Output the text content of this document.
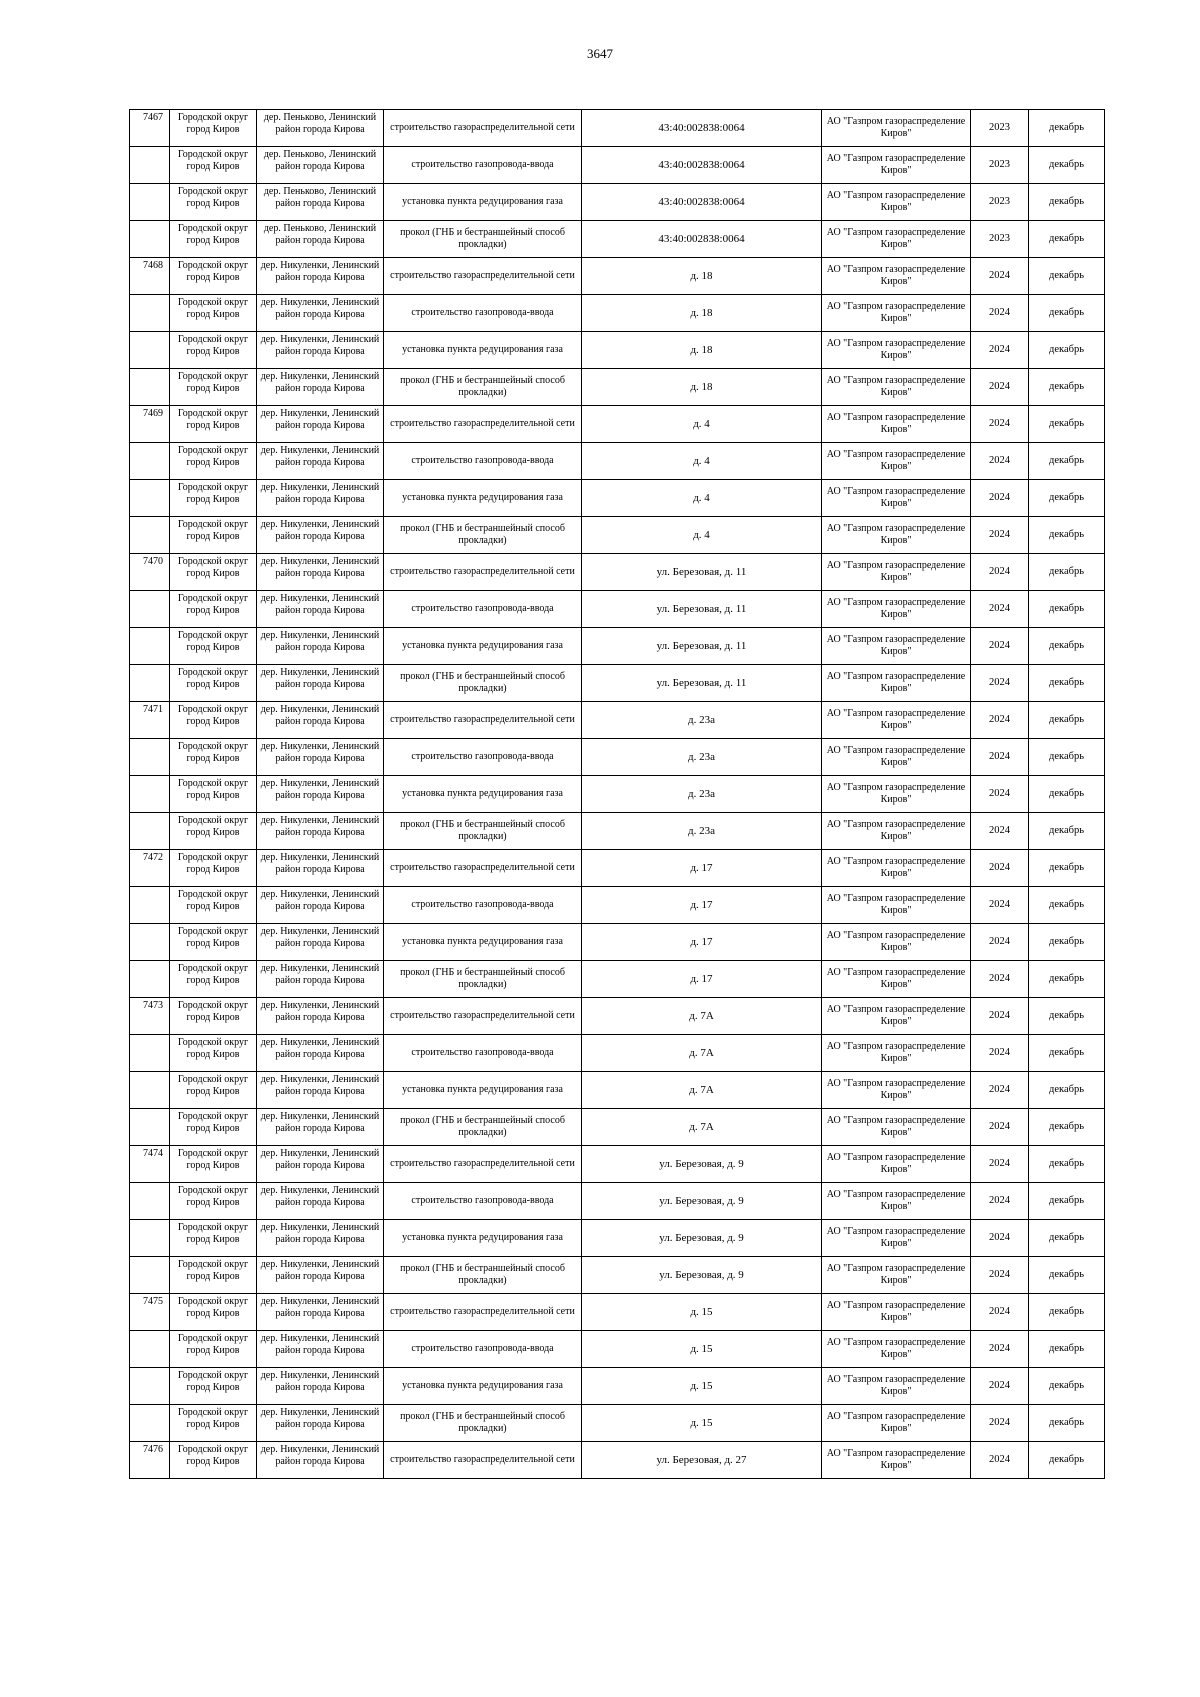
3647
7467	Городской округ город Киров	дер. Пеньково, Ленинский район города Кирова	строительство газораспределительной сети	43:40:002838:0064	АО "Газпром газораспределение Киров"	2023	декабрь
	Городской округ город Киров	дер. Пеньково, Ленинский район города Кирова	строительство газопровода-ввода	43:40:002838:0064	АО "Газпром газораспределение Киров"	2023	декабрь
	Городской округ город Киров	дер. Пеньково, Ленинский район города Кирова	установка пункта редуцирования газа	43:40:002838:0064	АО "Газпром газораспределение Киров"	2023	декабрь
	Городской округ город Киров	дер. Пеньково, Ленинский район города Кирова	прокол (ГНБ и бестраншейный способ прокладки)	43:40:002838:0064	АО "Газпром газораспределение Киров"	2023	декабрь
7468	Городской округ город Киров	дер. Никуленки, Ленинский район города Кирова	строительство газораспределительной сети	д. 18	АО "Газпром газораспределение Киров"	2024	декабрь
	Городской округ город Киров	дер. Никуленки, Ленинский район города Кирова	строительство газопровода-ввода	д. 18	АО "Газпром газораспределение Киров"	2024	декабрь
	Городской округ город Киров	дер. Никуленки, Ленинский район города Кирова	установка пункта редуцирования газа	д. 18	АО "Газпром газораспределение Киров"	2024	декабрь
	Городской округ город Киров	дер. Никуленки, Ленинский район города Кирова	прокол (ГНБ и бестраншейный способ прокладки)	д. 18	АО "Газпром газораспределение Киров"	2024	декабрь
7469	Городской округ город Киров	дер. Никуленки, Ленинский район города Кирова	строительство газораспределительной сети	д. 4	АО "Газпром газораспределение Киров"	2024	декабрь
	Городской округ город Киров	дер. Никуленки, Ленинский район города Кирова	строительство газопровода-ввода	д. 4	АО "Газпром газораспределение Киров"	2024	декабрь
	Городской округ город Киров	дер. Никуленки, Ленинский район города Кирова	установка пункта редуцирования газа	д. 4	АО "Газпром газораспределение Киров"	2024	декабрь
	Городской округ город Киров	дер. Никуленки, Ленинский район города Кирова	прокол (ГНБ и бестраншейный способ прокладки)	д. 4	АО "Газпром газораспределение Киров"	2024	декабрь
7470	Городской округ город Киров	дер. Никуленки, Ленинский район города Кирова	строительство газораспределительной сети	ул. Березовая, д. 11	АО "Газпром газораспределение Киров"	2024	декабрь
	Городской округ город Киров	дер. Никуленки, Ленинский район города Кирова	строительство газопровода-ввода	ул. Березовая, д. 11	АО "Газпром газораспределение Киров"	2024	декабрь
	Городской округ город Киров	дер. Никуленки, Ленинский район города Кирова	установка пункта редуцирования газа	ул. Березовая, д. 11	АО "Газпром газораспределение Киров"	2024	декабрь
	Городской округ город Киров	дер. Никуленки, Ленинский район города Кирова	прокол (ГНБ и бестраншейный способ прокладки)	ул. Березовая, д. 11	АО "Газпром газораспределение Киров"	2024	декабрь
7471	Городской округ город Киров	дер. Никуленки, Ленинский район города Кирова	строительство газораспределительной сети	д. 23а	АО "Газпром газораспределение Киров"	2024	декабрь
	Городской округ город Киров	дер. Никуленки, Ленинский район города Кирова	строительство газопровода-ввода	д. 23а	АО "Газпром газораспределение Киров"	2024	декабрь
	Городской округ город Киров	дер. Никуленки, Ленинский район города Кирова	установка пункта редуцирования газа	д. 23а	АО "Газпром газораспределение Киров"	2024	декабрь
	Городской округ город Киров	дер. Никуленки, Ленинский район города Кирова	прокол (ГНБ и бестраншейный способ прокладки)	д. 23а	АО "Газпром газораспределение Киров"	2024	декабрь
7472	Городской округ город Киров	дер. Никуленки, Ленинский район города Кирова	строительство газораспределительной сети	д. 17	АО "Газпром газораспределение Киров"	2024	декабрь
	Городской округ город Киров	дер. Никуленки, Ленинский район города Кирова	строительство газопровода-ввода	д. 17	АО "Газпром газораспределение Киров"	2024	декабрь
	Городской округ город Киров	дер. Никуленки, Ленинский район города Кирова	установка пункта редуцирования газа	д. 17	АО "Газпром газораспределение Киров"	2024	декабрь
	Городской округ город Киров	дер. Никуленки, Ленинский район города Кирова	прокол (ГНБ и бестраншейный способ прокладки)	д. 17	АО "Газпром газораспределение Киров"	2024	декабрь
7473	Городской округ город Киров	дер. Никуленки, Ленинский район города Кирова	строительство газораспределительной сети	д. 7А	АО "Газпром газораспределение Киров"	2024	декабрь
	Городской округ город Киров	дер. Никуленки, Ленинский район города Кирова	строительство газопровода-ввода	д. 7А	АО "Газпром газораспределение Киров"	2024	декабрь
	Городской округ город Киров	дер. Никуленки, Ленинский район города Кирова	установка пункта редуцирования газа	д. 7А	АО "Газпром газораспределение Киров"	2024	декабрь
	Городской округ город Киров	дер. Никуленки, Ленинский район города Кирова	прокол (ГНБ и бестраншейный способ прокладки)	д. 7А	АО "Газпром газораспределение Киров"	2024	декабрь
7474	Городской округ город Киров	дер. Никуленки, Ленинский район города Кирова	строительство газораспределительной сети	ул. Березовая, д. 9	АО "Газпром газораспределение Киров"	2024	декабрь
	Городской округ город Киров	дер. Никуленки, Ленинский район города Кирова	строительство газопровода-ввода	ул. Березовая, д. 9	АО "Газпром газораспределение Киров"	2024	декабрь
	Городской округ город Киров	дер. Никуленки, Ленинский район города Кирова	установка пункта редуцирования газа	ул. Березовая, д. 9	АО "Газпром газораспределение Киров"	2024	декабрь
	Городской округ город Киров	дер. Никуленки, Ленинский район города Кирова	прокол (ГНБ и бестраншейный способ прокладки)	ул. Березовая, д. 9	АО "Газпром газораспределение Киров"	2024	декабрь
7475	Городской округ город Киров	дер. Никуленки, Ленинский район города Кирова	строительство газораспределительной сети	д. 15	АО "Газпром газораспределение Киров"	2024	декабрь
	Городской округ город Киров	дер. Никуленки, Ленинский район города Кирова	строительство газопровода-ввода	д. 15	АО "Газпром газораспределение Киров"	2024	декабрь
	Городской округ город Киров	дер. Никуленки, Ленинский район города Кирова	установка пункта редуцирования газа	д. 15	АО "Газпром газораспределение Киров"	2024	декабрь
	Городской округ город Киров	дер. Никуленки, Ленинский район города Кирова	прокол (ГНБ и бестраншейный способ прокладки)	д. 15	АО "Газпром газораспределение Киров"	2024	декабрь
7476	Городской округ город Киров	дер. Никуленки, Ленинский район города Кирова	строительство газораспределительной сети	ул. Березовая, д. 27	АО "Газпром газораспределение Киров"	2024	декабрь
